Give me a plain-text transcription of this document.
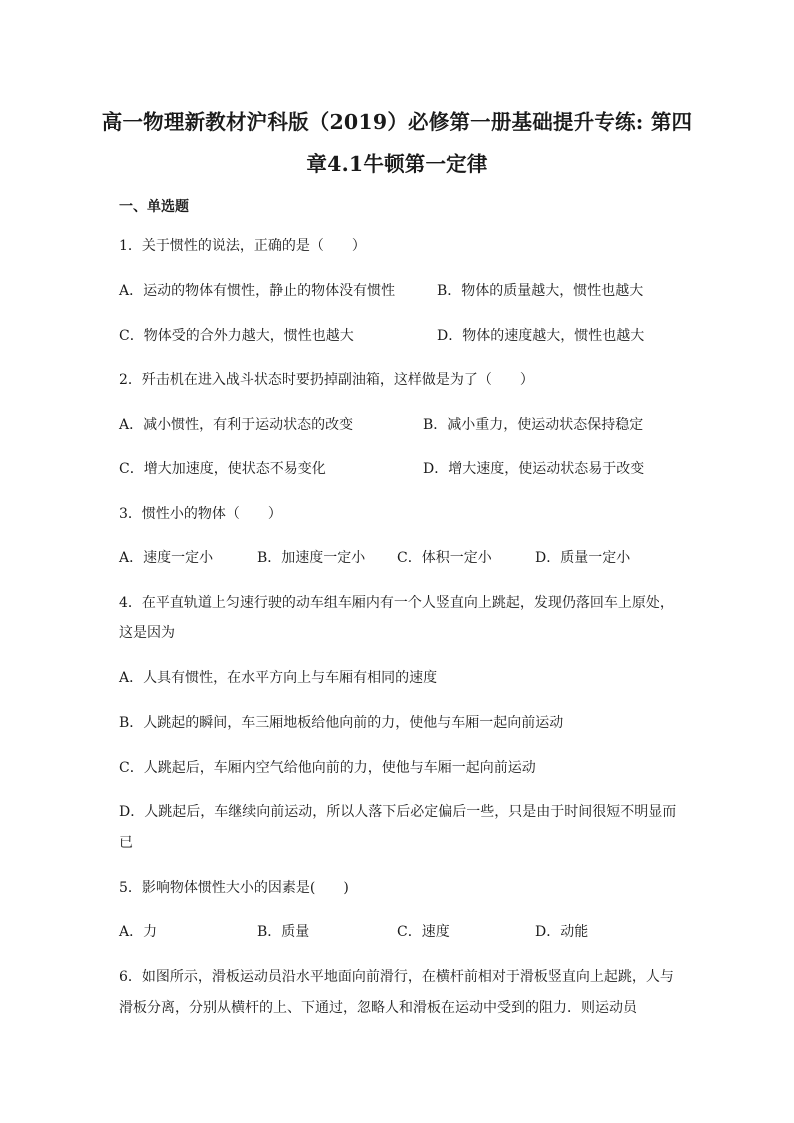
高一物理新教材沪科版（2019）必修第一册基础提升专练: 第四
章4.1牛顿第一定律
一、单选题
1．关于惯性的说法，正确的是（　　）
A．运动的物体有惯性，静止的物体没有惯性	B．物体的质量越大，惯性也越大
C．物体受的合外力越大，惯性也越大	D．物体的速度越大，惯性也越大
2．歼击机在进入战斗状态时要扔掉副油箱，这样做是为了（　　）
A．减小惯性，有利于运动状态的改变	B．减小重力，使运动状态保持稳定
C．增大加速度，使状态不易变化	D．增大速度，使运动状态易于改变
3．惯性小的物体（　　）
A．速度一定小	B．加速度一定小 C．体积一定小	D．质量一定小
4．在平直轨道上匀速行驶的动车组车厢内有一个人竖直向上跳起，发现仍落回车上原处，
这是因为
A．人具有惯性，在水平方向上与车厢有相同的速度
B．人跳起的瞬间，车三厢地板给他向前的力，使他与车厢一起向前运动
C．人跳起后，车厢内空气给他向前的力，使他与车厢一起向前运动
D．人跳起后，车继续向前运动，所以人落下后必定偏后一些，只是由于时间很短不明显而
已
5．影响物体惯性大小的因素是(　　)
A．力	B．质量	C．速度	D．动能
6．如图所示，滑板运动员沿水平地面向前滑行，在横杆前相对于滑板竖直向上起跳，人与
滑板分离，分别从横杆的上、下通过，忽略人和滑板在运动中受到的阻力．则运动员
